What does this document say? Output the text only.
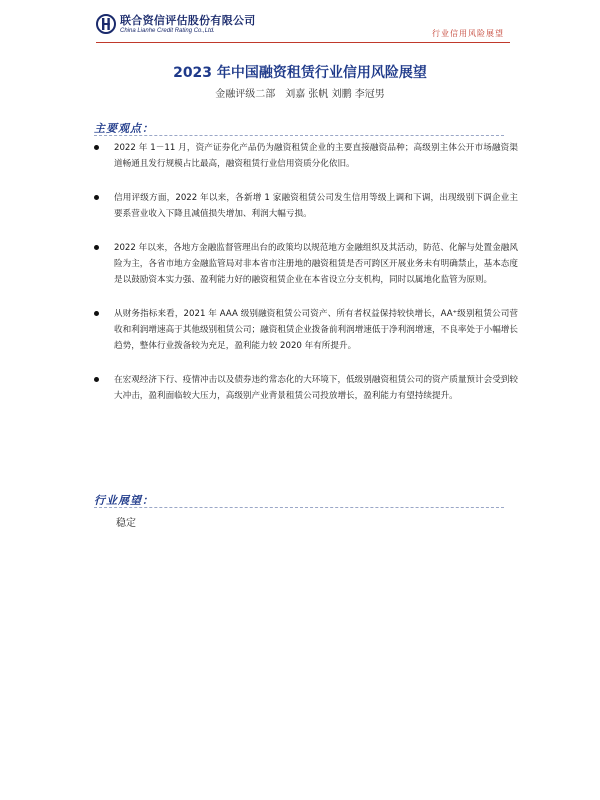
联合资信评估股份有限公司
China Lianhe Credit Rating Co.,Ltd.	行业信用风险展望
2023 年中国融资租赁行业信用风险展望
金融评级二部　刘嘉 张帆 刘鹏 李冠男
主要观点：
2022 年 1－11 月，资产证券化产品仍为融资租赁企业的主要直接融资品种；高级别主体公开市场融资渠道畅通且发行规模占比最高，融资租赁行业信用资质分化依旧。
信用评级方面，2022 年以来，各新增 1 家融资租赁公司发生信用等级上调和下调，出现级别下调企业主要系营业收入下降且减值损失增加、利润大幅亏损。
2022 年以来，各地方金融监督管理出台的政策均以规范地方金融组织及其活动，防范、化解与处置金融风险为主，各省市地方金融监管局对非本省市注册地的融资租赁是否可跨区开展业务未有明确禁止，基本态度是以鼓励资本实力强、盈利能力好的融资租赁企业在本省设立分支机构，同时以属地化监管为原则。
从财务指标来看，2021 年 AAA 级别融资租赁公司资产、所有者权益保持较快增长，AA⁺级别租赁公司营收和利润增速高于其他级别租赁公司；融资租赁企业拨备前利润增速低于净利润增速，不良率处于小幅增长趋势，整体行业拨备较为充足，盈利能力较 2020 年有所提升。
在宏观经济下行、疫情冲击以及债券违约常态化的大环境下，低级别融资租赁公司的资产质量预计会受到较大冲击，盈利面临较大压力，高级别产业背景租赁公司投放增长，盈利能力有望持续提升。
行业展望：
稳定
